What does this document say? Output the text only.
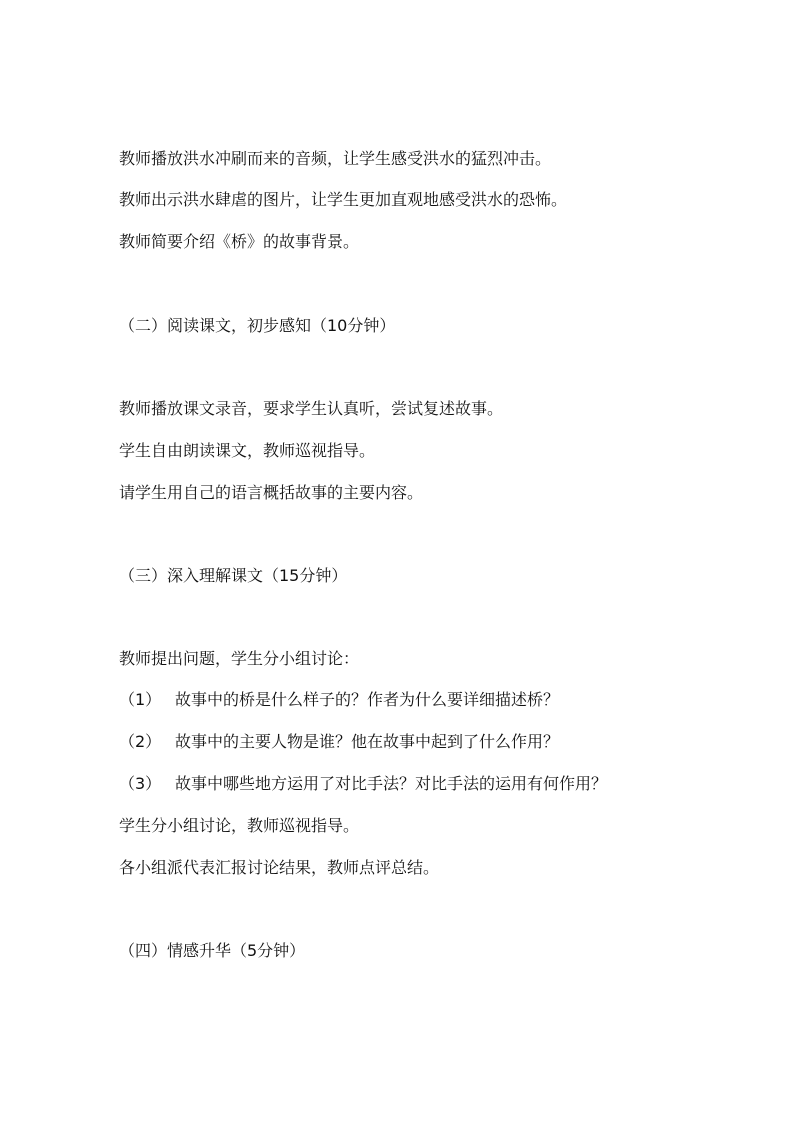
教师播放洪水冲刷而来的音频，让学生感受洪水的猛烈冲击。
教师出示洪水肆虐的图片，让学生更加直观地感受洪水的恐怖。
教师简要介绍《桥》的故事背景。
（二）阅读课文，初步感知（10分钟）
教师播放课文录音，要求学生认真听，尝试复述故事。
学生自由朗读课文，教师巡视指导。
请学生用自己的语言概括故事的主要内容。
（三）深入理解课文（15分钟）
教师提出问题，学生分小组讨论：
（1） 故事中的桥是什么样子的？作者为什么要详细描述桥？
（2） 故事中的主要人物是谁？他在故事中起到了什么作用？
（3） 故事中哪些地方运用了对比手法？对比手法的运用有何作用？
学生分小组讨论，教师巡视指导。
各小组派代表汇报讨论结果，教师点评总结。
（四）情感升华（5分钟）
